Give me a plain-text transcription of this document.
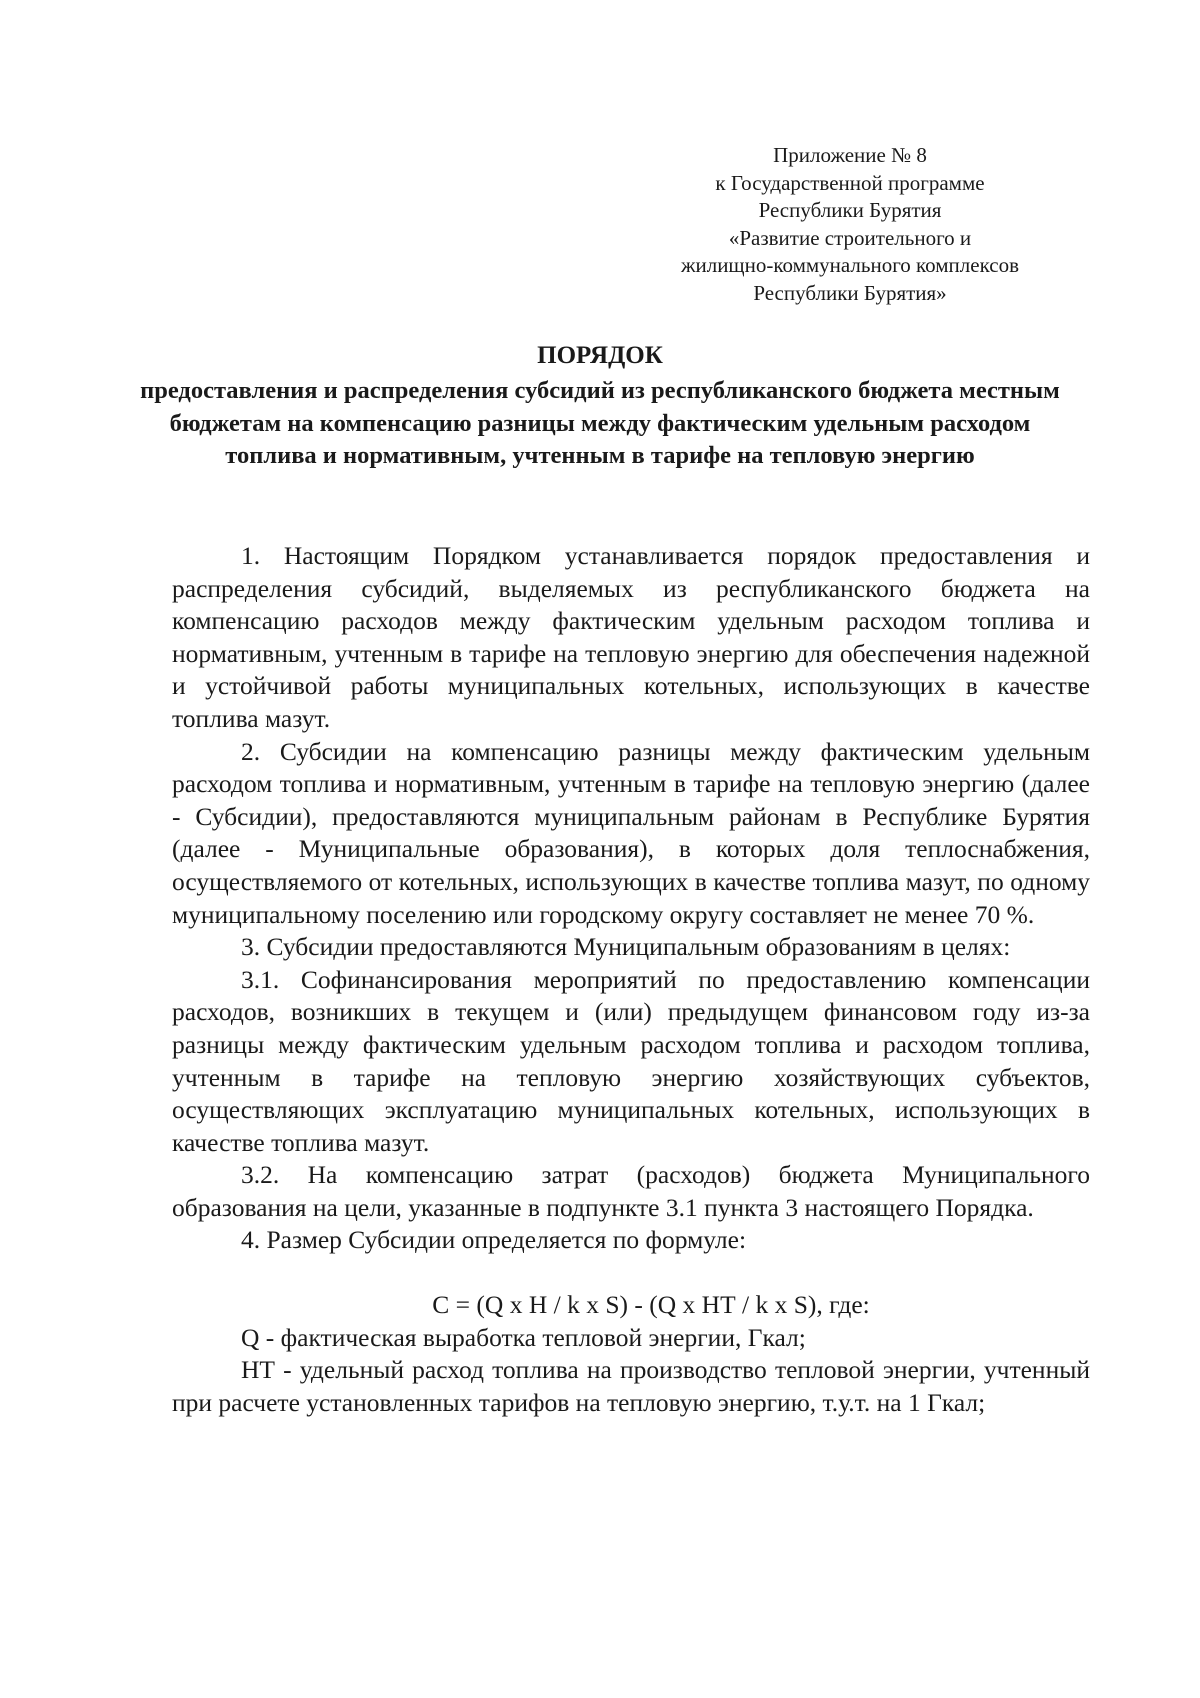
Приложение № 8
к Государственной программе
Республики Бурятия
«Развитие строительного и
жилищно-коммунального комплексов
Республики Бурятия»
ПОРЯДОК
предоставления и распределения субсидий из республиканского бюджета местным бюджетам на компенсацию разницы между фактическим удельным расходом топлива и нормативным, учтенным в тарифе на тепловую энергию

1. Настоящим Порядком устанавливается порядок предоставления и распределения субсидий, выделяемых из республиканского бюджета на компенсацию расходов между фактическим удельным расходом топлива и нормативным, учтенным в тарифе на тепловую энергию для обеспечения надежной и устойчивой работы муниципальных котельных, использующих в качестве топлива мазут.

2. Субсидии на компенсацию разницы между фактическим удельным расходом топлива и нормативным, учтенным в тарифе на тепловую энергию (далее - Субсидии), предоставляются муниципальным районам в Республике Бурятия (далее - Муниципальные образования), в которых доля теплоснабжения, осуществляемого от котельных, использующих в качестве топлива мазут, по одному муниципальному поселению или городскому округу составляет не менее 70 %.

3. Субсидии предоставляются Муниципальным образованиям в целях:

3.1. Софинансирования мероприятий по предоставлению компенсации расходов, возникших в текущем и (или) предыдущем финансовом году из-за разницы между фактическим удельным расходом топлива и расходом топлива, учтенным в тарифе на тепловую энергию хозяйствующих субъектов, осуществляющих эксплуатацию муниципальных котельных, использующих в качестве топлива мазут.

3.2. На компенсацию затрат (расходов) бюджета Муниципального образования на цели, указанные в подпункте 3.1 пункта 3 настоящего Порядка.

4. Размер Субсидии определяется по формуле:

С = (Q x H / k x S) - (Q x НТ / k x S), где:

Q - фактическая выработка тепловой энергии, Гкал;

НТ - удельный расход топлива на производство тепловой энергии, учтенный при расчете установленных тарифов на тепловую энергию, т.у.т. на 1 Гкал;
